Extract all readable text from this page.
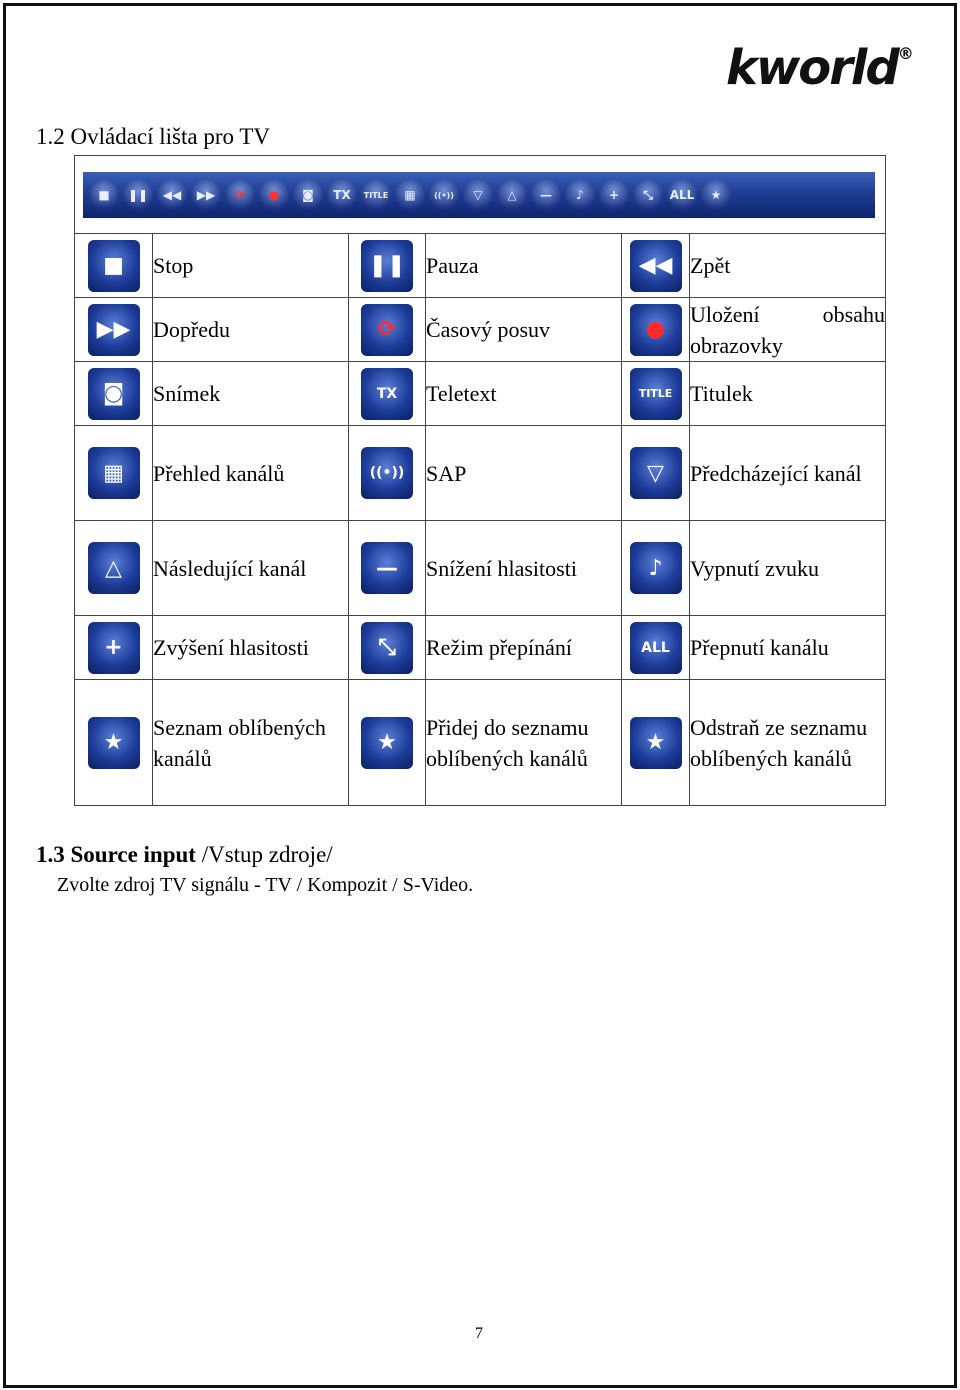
kworld®
1.2 Ovládací lišta pro TV
■	❚❚	◀◀	▶▶	⟳	●	◙	TX	TITLE	▦	((•))	▽	△	—	♪	+	⤡	ALL	★
■	Stop	❚❚	Pauza	◀◀	Zpět
▶▶	Dopředu	⟳	Časový posuv	●	Uložení obsahu
obrazovky

◙	Snímek	TX	Teletext	TITLE	Titulek
▦	Přehled kanálů	((•))	SAP	▽	Předcházející kanál
△	Následující kanál	—	Snížení hlasitosti	♪	Vypnutí zvuku
+	Zvýšení hlasitosti	⤡	Režim přepínání	ALL	Přepnutí kanálu
★	Seznam oblíbených kanálů	★	Přidej do seznamu oblíbených kanálů	★	Odstraň ze seznamu oblíbených kanálů
1.3 Source input /Vstup zdroje/
Zvolte zdroj TV signálu - TV / Kompozit / S-Video.
7
